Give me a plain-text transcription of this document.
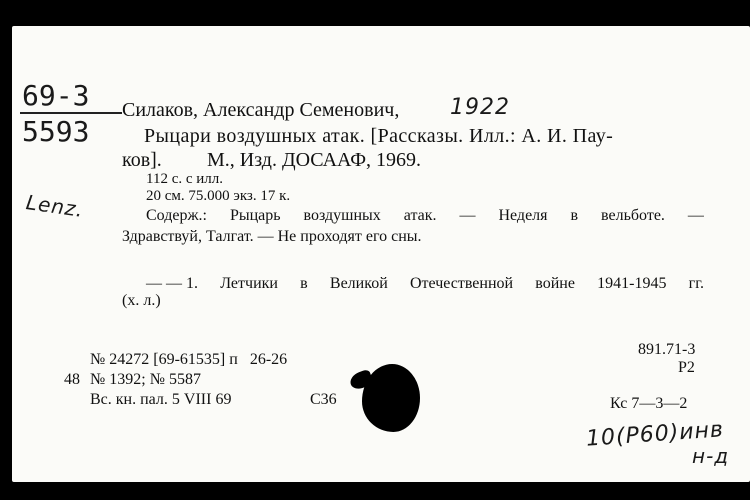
69-3
5593
Lenz.
Силаков, Александр Семенович, 1922
Рыцари воздушных атак. [Рассказы. Илл.: А. И. Пау-
ков]. М., Изд. ДОСААФ, 1969.
112 с. с илл.
20 см. 75.000 экз. 17 к.
Содерж.: Рыцарь воздушных атак. — Неделя в вельботе. —
Здравствуй, Талгат. — Не проходят его сны.
— — 1. Летчики в Великой Отечественной войне 1941-1945 гг.
(х. л.)
891.71-3
Р2
№ 24272 [69-61535] п   26-26
48 № 1392; № 5587
Вс. кн. пал. 5 VIII 69	С36	Кс 7—3—2
10(Р60)инв
н-д
